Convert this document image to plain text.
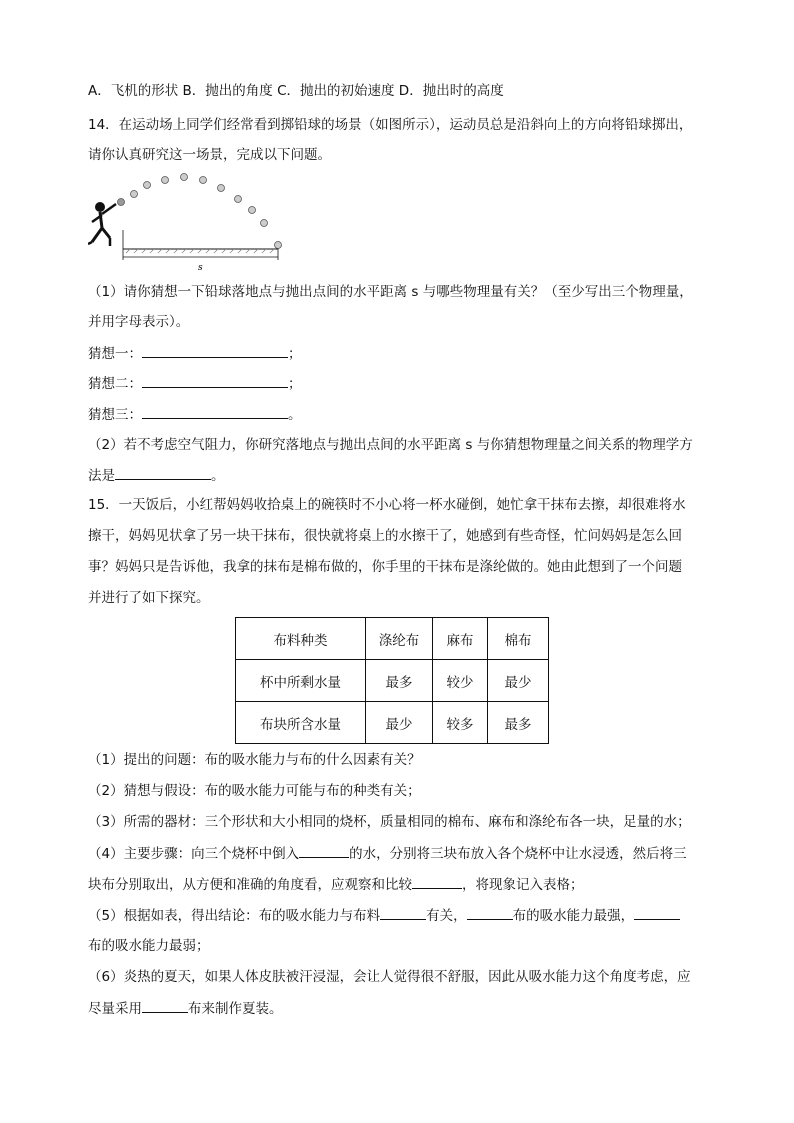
A．飞机的形状 B．抛出的角度 C．抛出的初始速度 D．抛出时的高度
14．在运动场上同学们经常看到掷铅球的场景（如图所示），运动员总是沿斜向上的方向将铅球掷出，
请你认真研究这一场景，完成以下问题。
s
（1）请你猜想一下铅球落地点与抛出点间的水平距离 s 与哪些物理量有关？（至少写出三个物理量，
并用字母表示）。
猜想一：	；
猜想二：	；
猜想三：	。
（2）若不考虑空气阻力，你研究落地点与抛出点间的水平距离 s 与你猜想物理量之间关系的物理学方
法是	。
15．一天饭后，小红帮妈妈收拾桌上的碗筷时不小心将一杯水碰倒，她忙拿干抹布去擦，却很难将水
擦干，妈妈见状拿了另一块干抹布，很快就将桌上的水擦干了，她感到有些奇怪，忙问妈妈是怎么回
事？妈妈只是告诉他，我拿的抹布是棉布做的，你手里的干抹布是涤纶做的。她由此想到了一个问题
并进行了如下探究。
布料种类	涤纶布	麻布	棉布
杯中所剩水量	最多	较少	最少
布块所含水量	最少	较多	最多
（1）提出的问题：布的吸水能力与布的什么因素有关？
（2）猜想与假设：布的吸水能力可能与布的种类有关；
（3）所需的器材：三个形状和大小相同的烧杯，质量相同的棉布、麻布和涤纶布各一块，足量的水；
（4）主要步骤：向三个烧杯中倒入	的水，分别将三块布放入各个烧杯中让水浸透，然后将三
块布分别取出，从方便和准确的角度看，应观察和比较	，将现象记入表格；
（5）根据如表，得出结论：布的吸水能力与布料	有关，	布的吸水能力最强，
布的吸水能力最弱；
（6）炎热的夏天，如果人体皮肤被汗浸湿，会让人觉得很不舒服，因此从吸水能力这个角度考虑，应
尽量采用	布来制作夏装。
